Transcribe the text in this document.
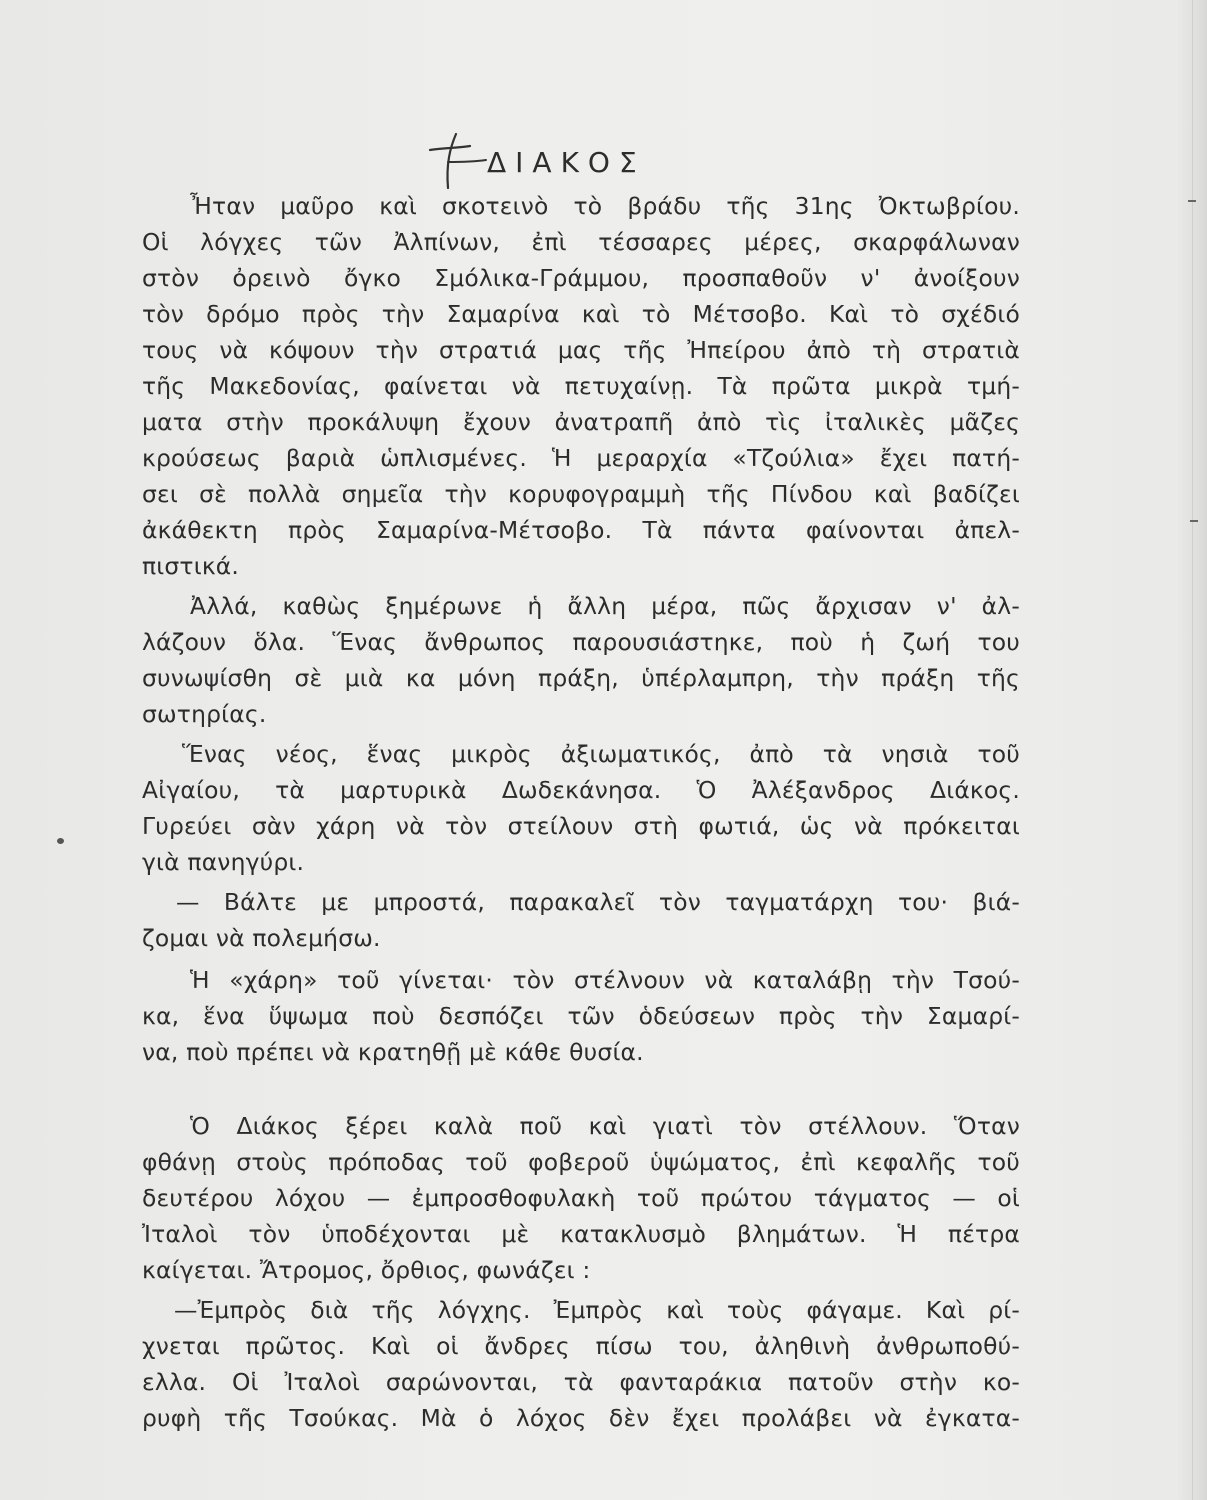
ΔΙΑΚΟΣ
Ἦταν μαῦρο καὶ σκοτεινὸ τὸ βράδυ τῆς 31ης Ὀκτωβρίου.
Οἱ λόγχες τῶν Ἀλπίνων, ἐπὶ τέσσαρες μέρες, σκαρφάλωναν
στὸν ὀρεινὸ ὄγκο Σμόλικα-Γράμμου, προσπαθοῦν ν' ἀνοίξουν
τὸν δρόμο πρὸς τὴν Σαμαρίνα καὶ τὸ Μέτσοβο. Καὶ τὸ σχέδιό
τους νὰ κόψουν τὴν στρατιά μας τῆς Ἠπείρου ἀπὸ τὴ στρατιὰ
τῆς Μακεδονίας, φαίνεται νὰ πετυχαίνῃ. Τὰ πρῶτα μικρὰ τμή-
ματα στὴν προκάλυψη ἔχουν ἀνατραπῆ ἀπὸ τὶς ἰταλικὲς μᾶζες
κρούσεως βαριὰ ὡπλισμένες. Ἡ μεραρχία «Τζούλια» ἔχει πατή-
σει σὲ πολλὰ σημεῖα τὴν κορυφογραμμὴ τῆς Πίνδου καὶ βαδίζει
ἀκάθεκτη πρὸς Σαμαρίνα-Μέτσοβο. Τὰ πάντα φαίνονται ἀπελ-
πιστικά.
Ἀλλά, καθὼς ξημέρωνε ἡ ἄλλη μέρα, πῶς ἄρχισαν ν' ἀλ-
λάζουν ὅλα. Ἕνας ἄνθρωπος παρουσιάστηκε, ποὺ ἡ ζωή του
συνωψίσθη σὲ μιὰ κα μόνη πράξη, ὑπέρλαμπρη, τὴν πράξη τῆς
σωτηρίας.
Ἕνας νέος, ἕνας μικρὸς ἀξιωματικός, ἀπὸ τὰ νησιὰ τοῦ
Αἰγαίου, τὰ μαρτυρικὰ Δωδεκάνησα. Ὁ Ἀλέξανδρος Διάκος.
Γυρεύει σὰν χάρη νὰ τὸν στείλουν στὴ φωτιά, ὡς νὰ πρόκειται
γιὰ πανηγύρι.
— Βάλτε με μπροστά, παρακαλεῖ τὸν ταγματάρχη του· βιά-
ζομαι νὰ πολεμήσω.
Ἡ «χάρη» τοῦ γίνεται· τὸν στέλνουν νὰ καταλάβῃ τὴν Τσού-
κα, ἕνα ὕψωμα ποὺ δεσπόζει τῶν ὁδεύσεων πρὸς τὴν Σαμαρί-
να, ποὺ πρέπει νὰ κρατηθῇ μὲ κάθε θυσία.
Ὁ Διάκος ξέρει καλὰ ποῦ καὶ γιατὶ τὸν στέλλουν. Ὅταν
φθάνῃ στοὺς πρόποδας τοῦ φοβεροῦ ὑψώματος, ἐπὶ κεφαλῆς τοῦ
δευτέρου λόχου — ἐμπροσθοφυλακὴ τοῦ πρώτου τάγματος — οἱ
Ἰταλοὶ τὸν ὑποδέχονται μὲ κατακλυσμὸ βλημάτων. Ἡ πέτρα
καίγεται. Ἄτρομος, ὄρθιος, φωνάζει :
—Ἐμπρὸς διὰ τῆς λόγχης. Ἐμπρὸς καὶ τοὺς φάγαμε. Καὶ ρί-
χνεται πρῶτος. Καὶ οἱ ἄνδρες πίσω του, ἀληθινὴ ἀνθρωποθύ-
ελλα. Οἱ Ἰταλοὶ σαρώνονται, τὰ φανταράκια πατοῦν στὴν κο-
ρυφὴ τῆς Τσούκας. Μὰ ὁ λόχος δὲν ἔχει προλάβει νὰ ἐγκατα-
